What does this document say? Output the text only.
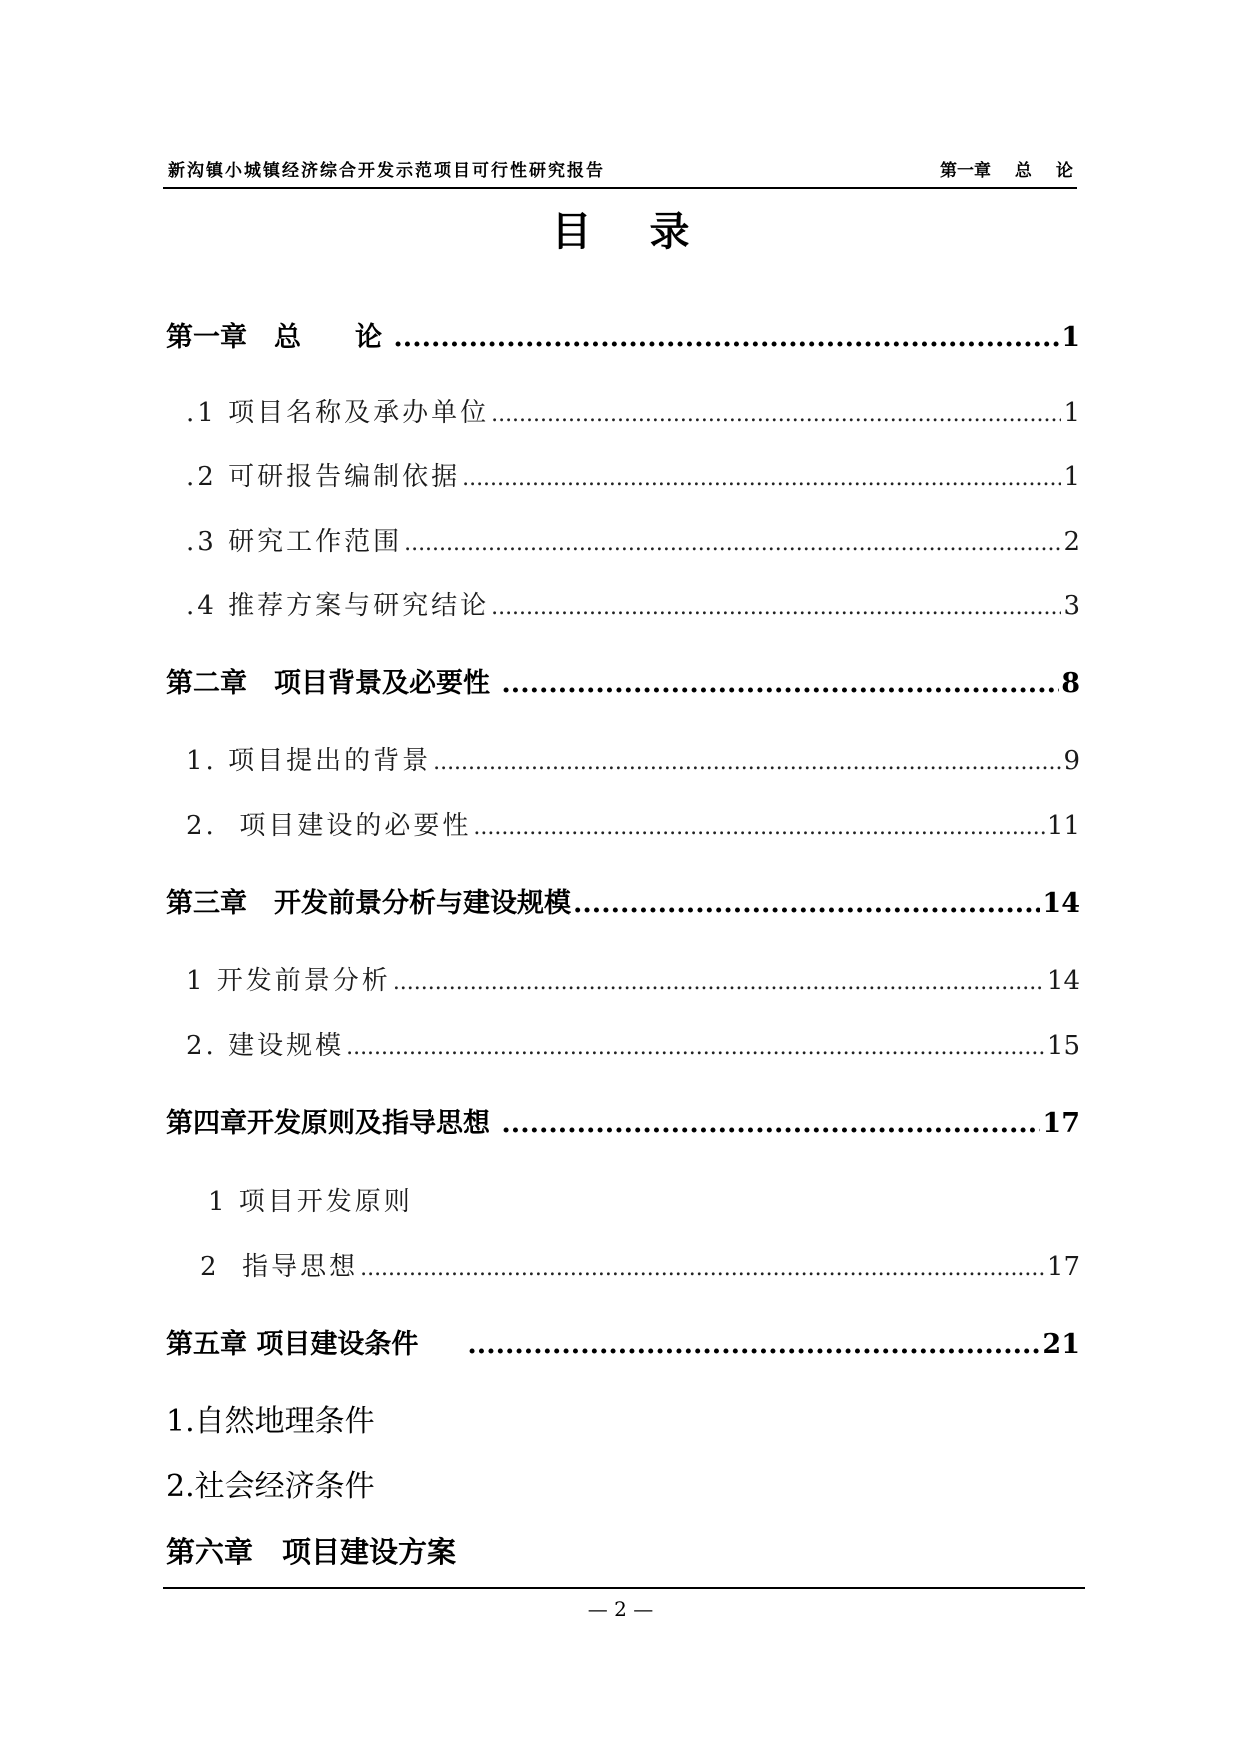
新沟镇小城镇经济综合开发示范项目可行性研究报告	第一章 总 论
目录
第一章　总　　论 .....	1
.1 项目名称及承办单位 .....	1
.2 可研报告编制依据 .....	1
.3 研究工作范围 .....	2
.4 推荐方案与研究结论 .....	3
第二章　项目背景及必要性 .....	8
1. 项目提出的背景 .....	9
2.  项目建设的必要性 .....	11
第三章　开发前景分析与建设规模 .....	14
1 开发前景分析 .....	14
2. 建设规模 .....	15
第四章开发原则及指导思想 .....	17
1 项目开发原则
2  指导思想 .....	17
第五章 项目建设条件 .....	21
1.自然地理条件
2.社会经济条件
第六章　项目建设方案
— 2 —
